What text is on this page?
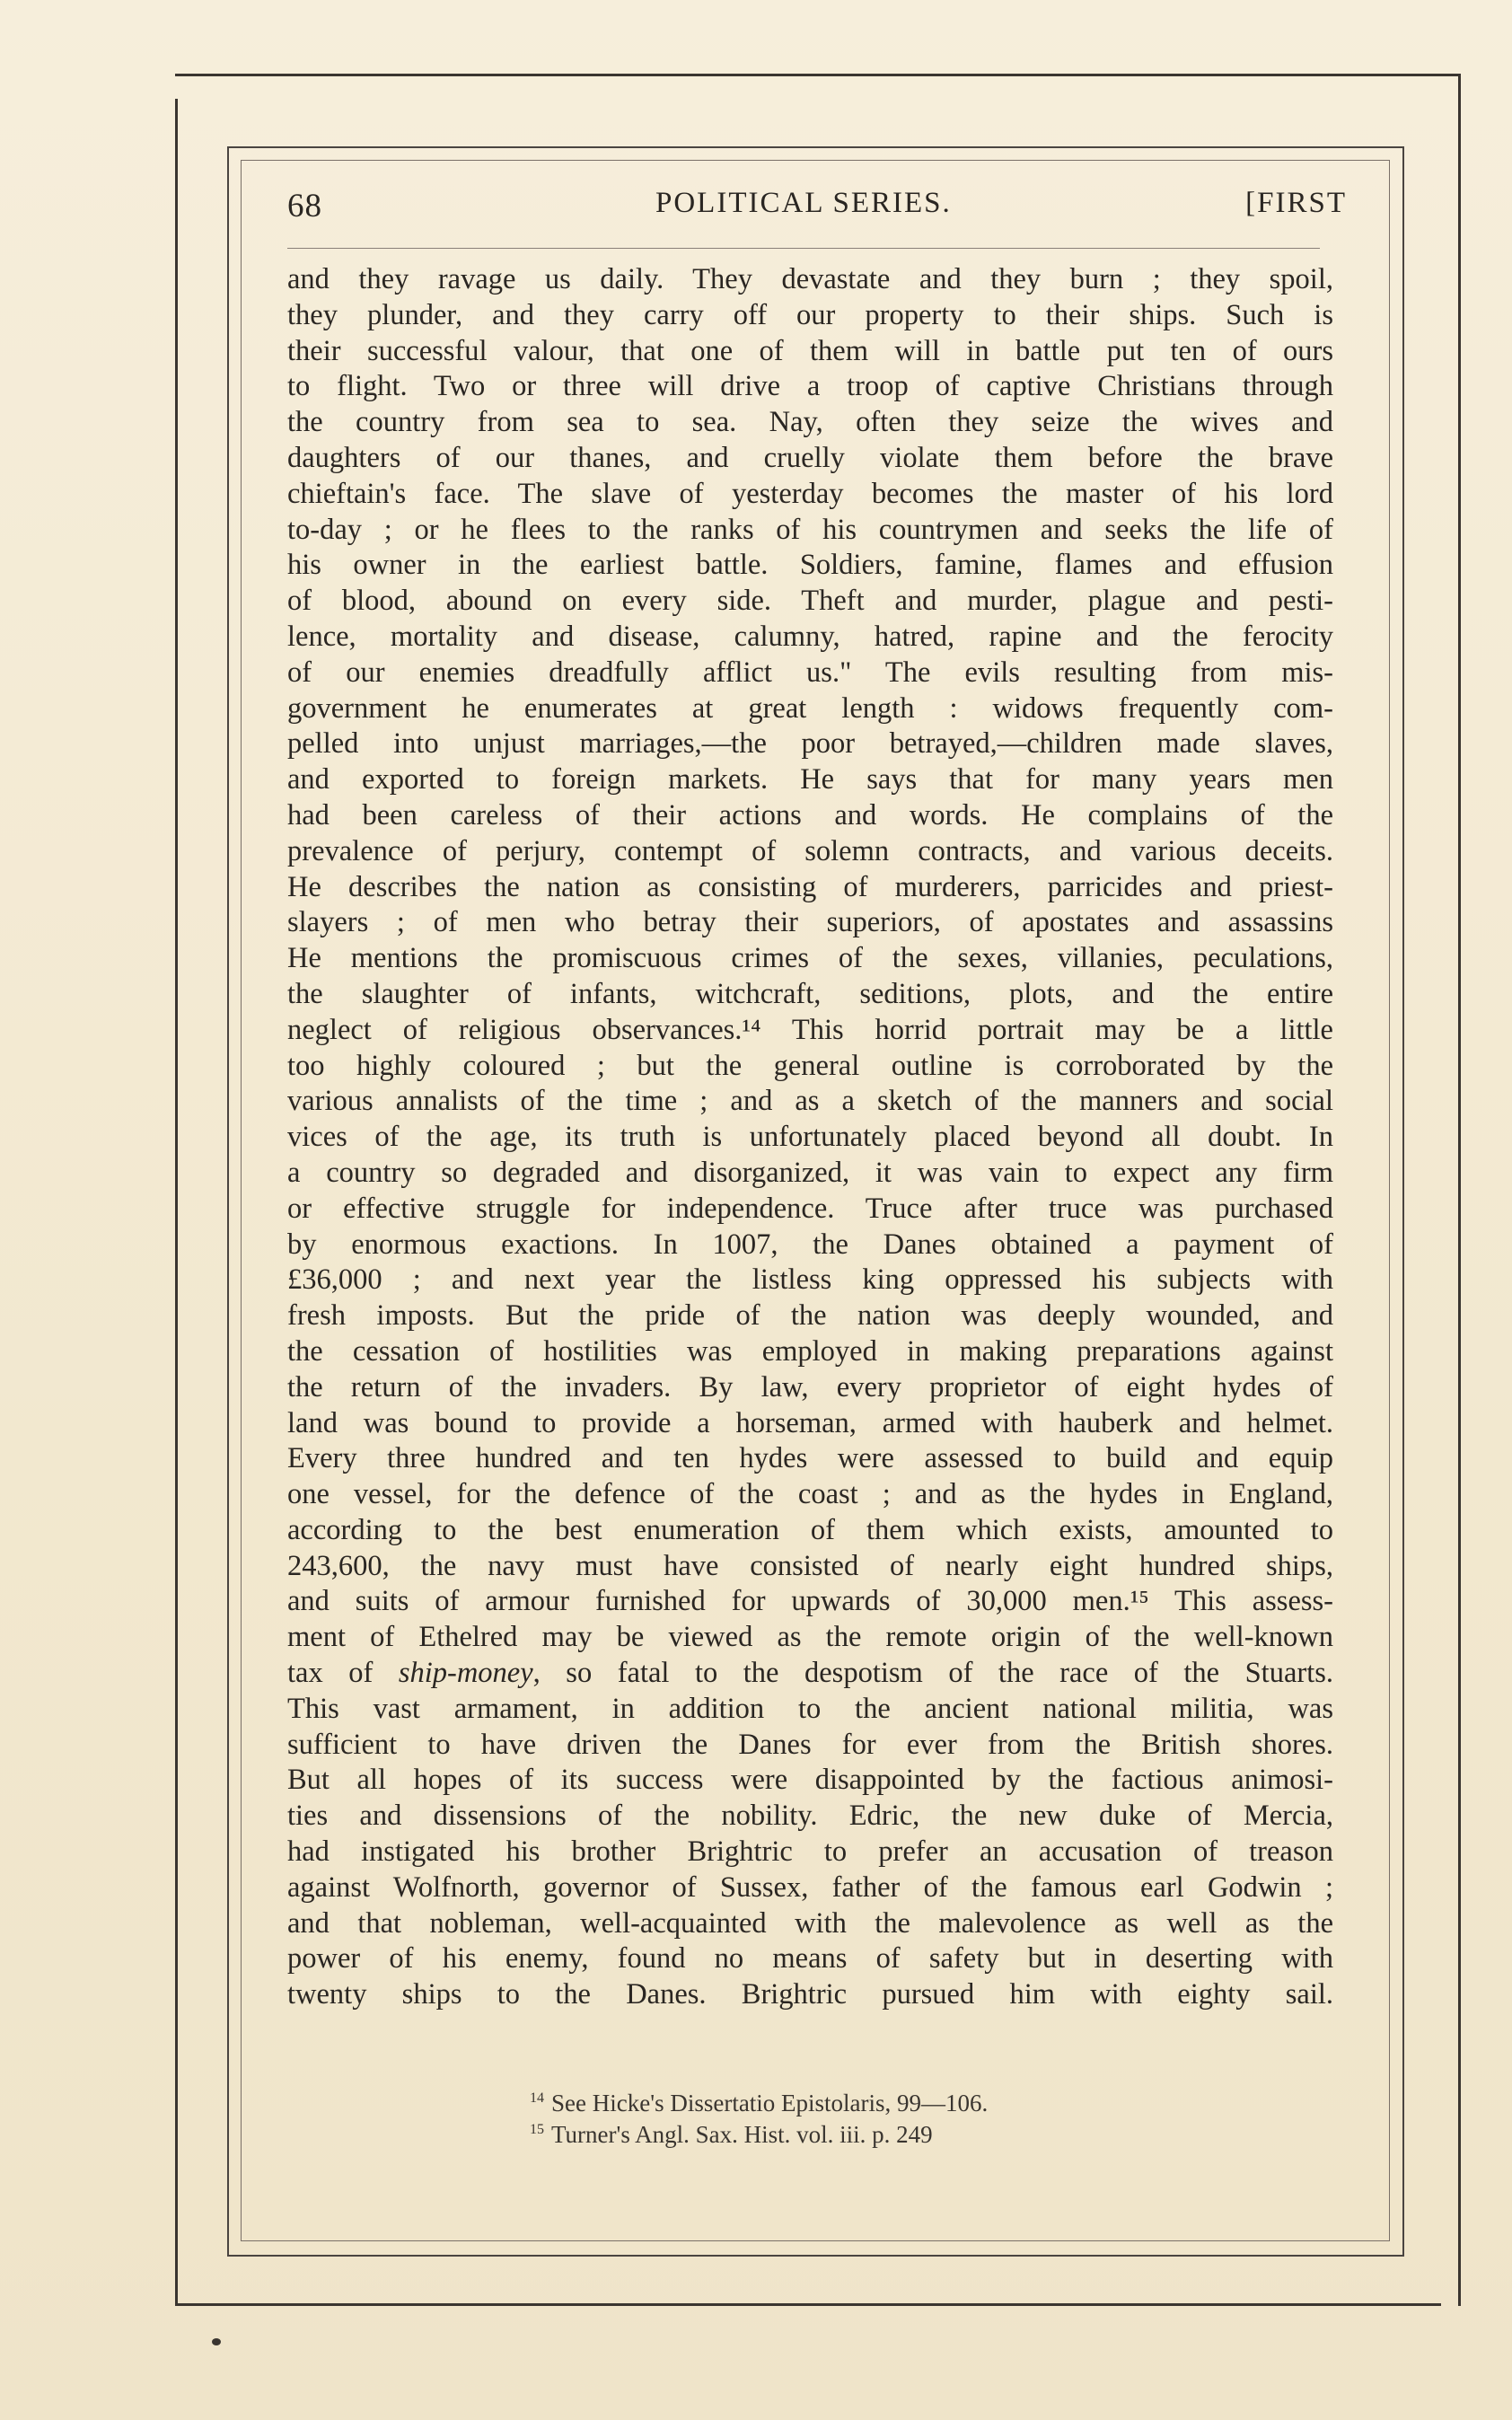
68	POLITICAL SERIES.	[FIRST
and they ravage us daily. They devastate and they burn ; they spoil,
they plunder, and they carry off our property to their ships. Such is
their successful valour, that one of them will in battle put ten of ours
to flight. Two or three will drive a troop of captive Christians through
the country from sea to sea. Nay, often they seize the wives and
daughters of our thanes, and cruelly violate them before the brave
chieftain's face. The slave of yesterday becomes the master of his lord
to-day ; or he flees to the ranks of his countrymen and seeks the life of
his owner in the earliest battle. Soldiers, famine, flames and effusion
of blood, abound on every side. Theft and murder, plague and pesti-
lence, mortality and disease, calumny, hatred, rapine and the ferocity
of our enemies dreadfully afflict us." The evils resulting from mis-
government he enumerates at great length : widows frequently com-
pelled into unjust marriages,—the poor betrayed,—children made slaves,
and exported to foreign markets. He says that for many years men
had been careless of their actions and words. He complains of the
prevalence of perjury, contempt of solemn contracts, and various deceits.
He describes the nation as consisting of murderers, parricides and priest-
slayers ; of men who betray their superiors, of apostates and assassins
He mentions the promiscuous crimes of the sexes, villanies, peculations,
the slaughter of infants, witchcraft, seditions, plots, and the entire
neglect of religious observances.¹⁴ This horrid portrait may be a little
too highly coloured ; but the general outline is corroborated by the
various annalists of the time ; and as a sketch of the manners and social
vices of the age, its truth is unfortunately placed beyond all doubt. In
a country so degraded and disorganized, it was vain to expect any firm
or effective struggle for independence. Truce after truce was purchased
by enormous exactions. In 1007, the Danes obtained a payment of
£36,000 ; and next year the listless king oppressed his subjects with
fresh imposts. But the pride of the nation was deeply wounded, and
the cessation of hostilities was employed in making preparations against
the return of the invaders. By law, every proprietor of eight hydes of
land was bound to provide a horseman, armed with hauberk and helmet.
Every three hundred and ten hydes were assessed to build and equip
one vessel, for the defence of the coast ; and as the hydes in England,
according to the best enumeration of them which exists, amounted to
243,600, the navy must have consisted of nearly eight hundred ships,
and suits of armour furnished for upwards of 30,000 men.¹⁵ This assess-
ment of Ethelred may be viewed as the remote origin of the well-known
tax of ship-money, so fatal to the despotism of the race of the Stuarts.
This vast armament, in addition to the ancient national militia, was
sufficient to have driven the Danes for ever from the British shores.
But all hopes of its success were disappointed by the factious animosi-
ties and dissensions of the nobility. Edric, the new duke of Mercia,
had instigated his brother Brightric to prefer an accusation of treason
against Wolfnorth, governor of Sussex, father of the famous earl Godwin ;
and that nobleman, well-acquainted with the malevolence as well as the
power of his enemy, found no means of safety but in deserting with
twenty ships to the Danes. Brightric pursued him with eighty sail.
$^{14}$ See Hicke's Dissertatio Epistolaris, 99—106.
$^{15}$ Turner's Angl. Sax. Hist. vol. iii. p. 249
